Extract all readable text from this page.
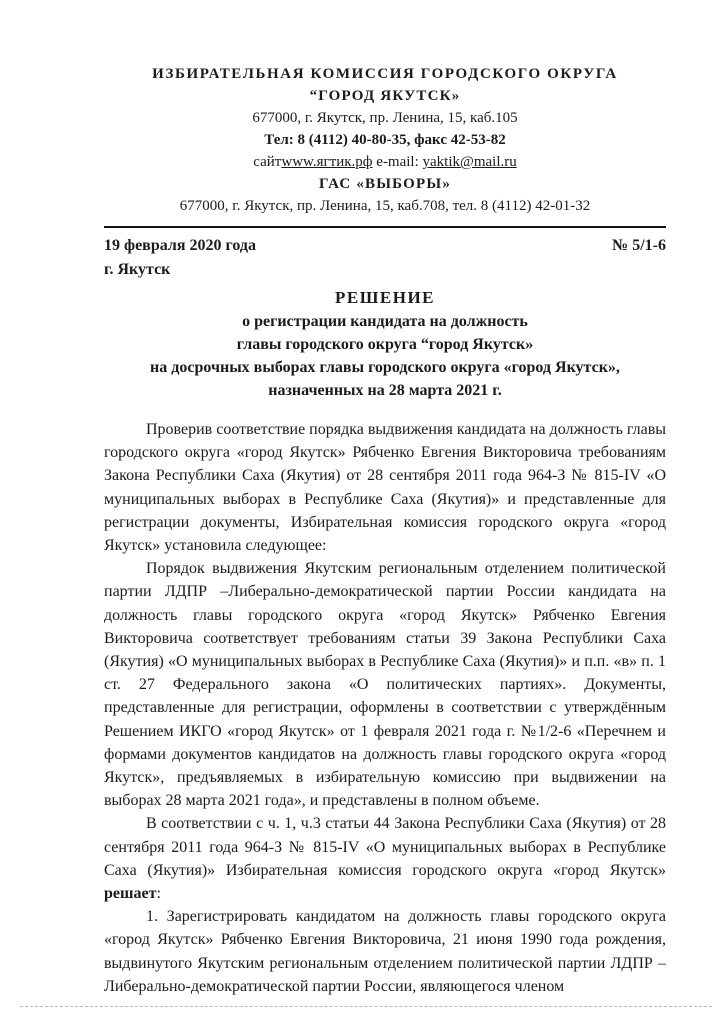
ИЗБИРАТЕЛЬНАЯ КОМИССИЯ ГОРОДСКОГО ОКРУГА
“ГОРОД ЯКУТСК»
677000, г. Якутск, пр. Ленина, 15, каб.105
Тел: 8 (4112) 40-80-35, факс 42-53-82
сайтwww.ягтик.рф e-mail: yaktik@mail.ru
ГАС «ВЫБОРЫ»
677000, г. Якутск, пр. Ленина, 15, каб.708, тел. 8 (4112) 42-01-32
19 февраля 2020 года	№ 5/1-6
г. Якутск
РЕШЕНИЕ
о регистрации кандидата на должность
главы городского округа “город Якутск»
на досрочных выборах главы городского округа «город Якутск»,
назначенных на 28 марта 2021 г.

Проверив соответствие порядка выдвижения кандидата на должность главы городского округа «город Якутск» Рябченко Евгения Викторовича требованиям Закона Республики Саха (Якутия) от 28 сентября 2011 года 964-З № 815-IV «О муниципальных выборах в Республике Саха (Якутия)» и представленные для регистрации документы, Избирательная комиссия городского округа «город Якутск» установила следующее:

Порядок выдвижения Якутским региональным отделением политической партии ЛДПР –Либерально-демократической партии России кандидата на должность главы городского округа «город Якутск» Рябченко Евгения Викторовича соответствует требованиям статьи 39 Закона Республики Саха (Якутия) «О муниципальных выборах в Республике Саха (Якутия)» и п.п. «в» п. 1 ст. 27 Федерального закона «О политических партиях». Документы, представленные для регистрации, оформлены в соответствии с утверждённым Решением ИКГО «город Якутск» от 1 февраля 2021 года г. №1/2-6 «Перечнем и формами документов кандидатов на должность главы городского округа «город Якутск», предъявляемых в избирательную комиссию при выдвижении на выборах 28 марта 2021 года», и представлены в полном объеме.

В соответствии с ч. 1, ч.3 статьи 44 Закона Республики Саха (Якутия) от 28 сентября 2011 года 964-З № 815-IV «О муниципальных выборах в Республике Саха (Якутия)» Избирательная комиссия городского округа «город Якутск» решает:

1. Зарегистрировать кандидатом на должность главы городского округа «город Якутск» Рябченко Евгения Викторовича, 21 июня 1990 года рождения, выдвинутого Якутским региональным отделением политической партии ЛДПР –Либерально-демократической партии России, являющегося членом
